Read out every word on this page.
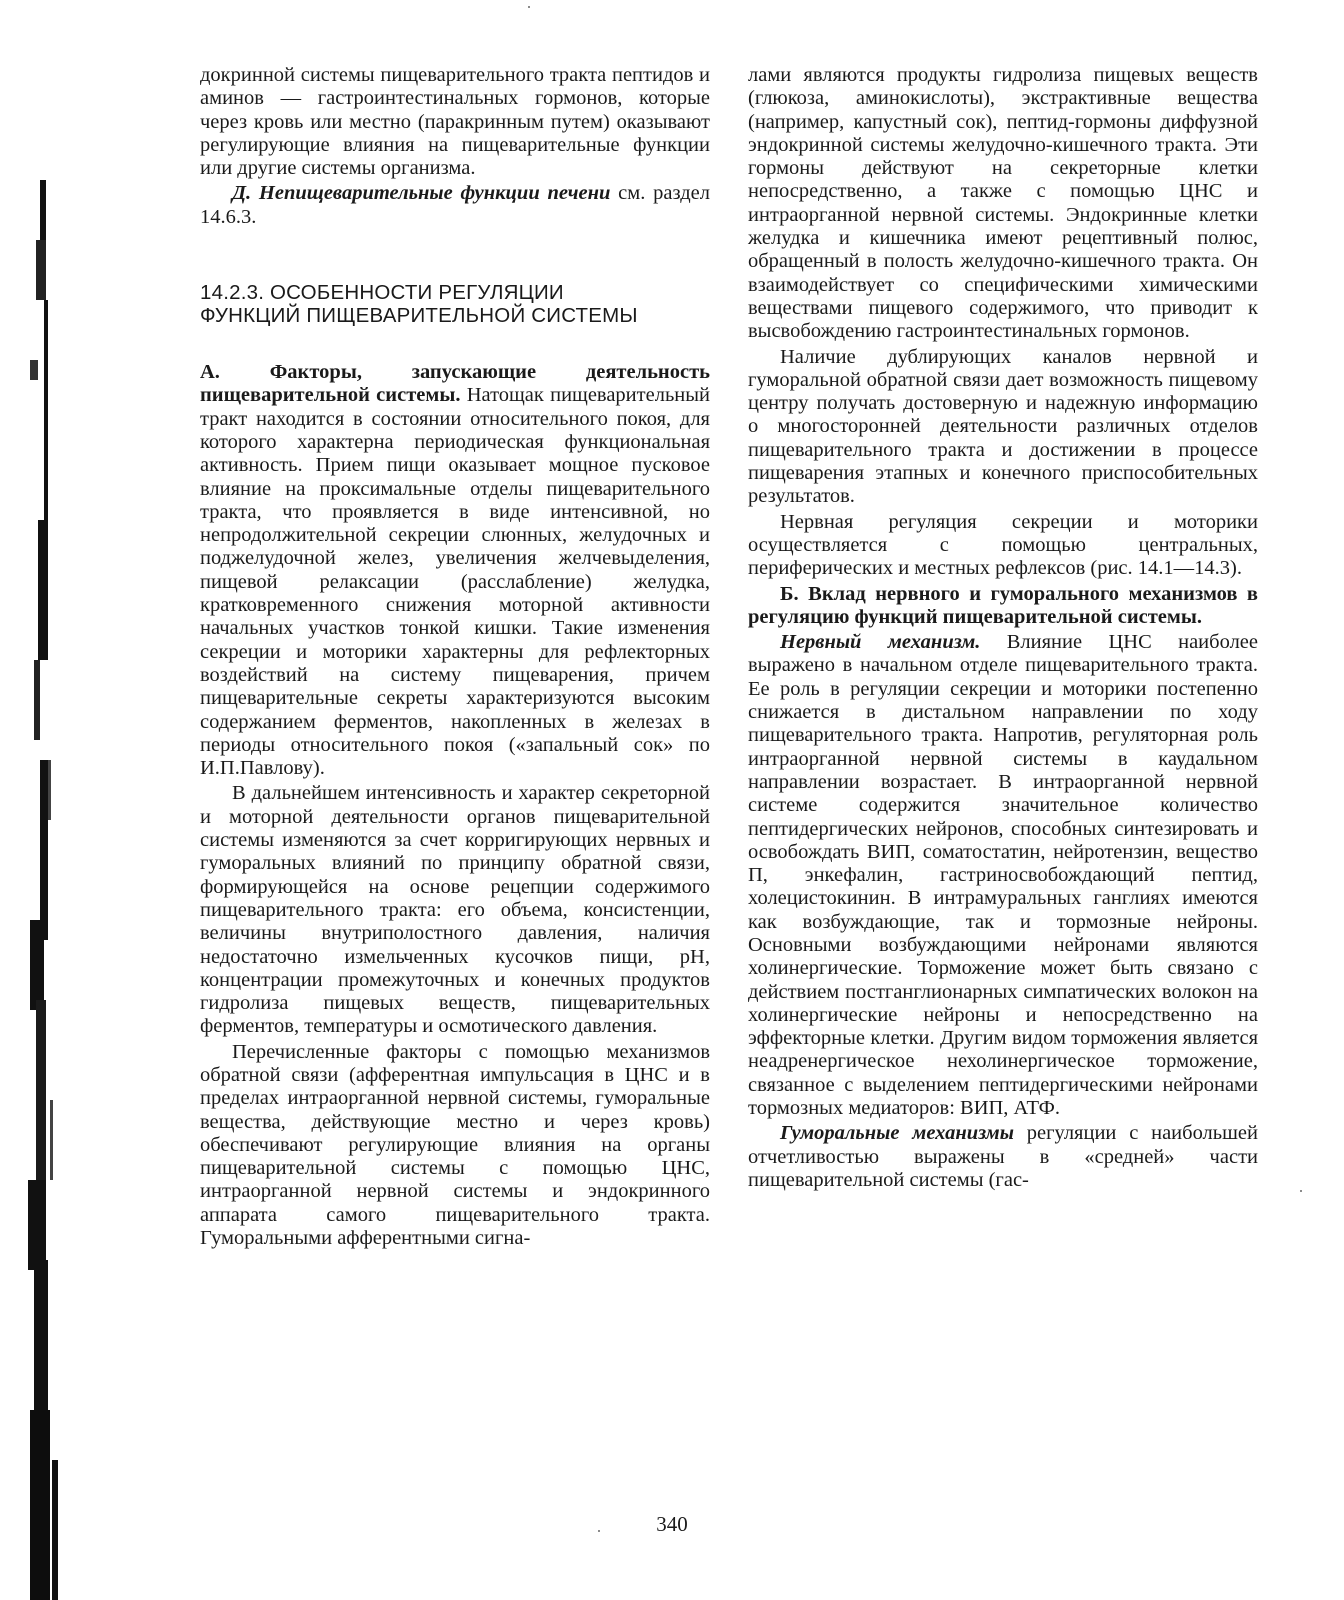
докринной системы пищеварительного тракта пептидов и аминов — гастроинтестинальных гормонов, которые через кровь или местно (паракринным путем) оказывают регулирующие влияния на пищеварительные функции или другие системы организма.

Д. Непищеварительные функции печени см. раздел 14.6.3.

14.2.3. ОСОБЕННОСТИ РЕГУЛЯЦИИ
ФУНКЦИЙ ПИЩЕВАРИТЕЛЬНОЙ СИСТЕМЫ

А. Факторы, запускающие деятельность пищеварительной системы. Натощак пищеварительный тракт находится в состоянии относительного покоя, для которого характерна периодическая функциональная активность. Прием пищи оказывает мощное пусковое влияние на проксимальные отделы пищеварительного тракта, что проявляется в виде интенсивной, но непродолжительной секреции слюнных, желудочных и поджелудочной желез, увеличения желчевыделения, пищевой релаксации (расслабление) желудка, кратковременного снижения моторной активности начальных участков тонкой кишки. Такие изменения секреции и моторики характерны для рефлекторных воздействий на систему пищеварения, причем пищеварительные секреты характеризуются высоким содержанием ферментов, накопленных в железах в периоды относительного покоя («запальный сок» по И.П.Павлову).

В дальнейшем интенсивность и характер секреторной и моторной деятельности органов пищеварительной системы изменяются за счет корригирующих нервных и гуморальных влияний по принципу обратной связи, формирующейся на основе рецепции содержимого пищеварительного тракта: его объема, консистенции, величины внутриполостного давления, наличия недостаточно измельченных кусочков пищи, pH, концентрации промежуточных и конечных продуктов гидролиза пищевых веществ, пищеварительных ферментов, температуры и осмотического давления.

Перечисленные факторы с помощью механизмов обратной связи (афферентная импульсация в ЦНС и в пределах интраорганной нервной системы, гуморальные вещества, действующие местно и через кровь) обеспечивают регулирующие влияния на органы пищеварительной системы с помощью ЦНС, интраорганной нервной системы и эндокринного аппарата самого пищеварительного тракта. Гуморальными афферентными сигна-

лами являются продукты гидролиза пищевых веществ (глюкоза, аминокислоты), экстрактивные вещества (например, капустный сок), пептид-гормоны диффузной эндокринной системы желудочно-кишечного тракта. Эти гормоны действуют на секреторные клетки непосредственно, а также с помощью ЦНС и интраорганной нервной системы. Эндокринные клетки желудка и кишечника имеют рецептивный полюс, обращенный в полость желудочно-кишечного тракта. Он взаимодействует со специфическими химическими веществами пищевого содержимого, что приводит к высвобождению гастроинтестинальных гормонов.

Наличие дублирующих каналов нервной и гуморальной обратной связи дает возможность пищевому центру получать достоверную и надежную информацию о многосторонней деятельности различных отделов пищеварительного тракта и достижении в процессе пищеварения этапных и конечного приспособительных результатов.

Нервная регуляция секреции и моторики осуществляется с помощью центральных, периферических и местных рефлексов (рис. 14.1—14.3).

Б. Вклад нервного и гуморального механизмов в регуляцию функций пищеварительной системы.

Нервный механизм. Влияние ЦНС наиболее выражено в начальном отделе пищеварительного тракта. Ее роль в регуляции секреции и моторики постепенно снижается в дистальном направлении по ходу пищеварительного тракта. Напротив, регуляторная роль интраорганной нервной системы в каудальном направлении возрастает. В интраорганной нервной системе содержится значительное количество пептидергических нейронов, способных синтезировать и освобождать ВИП, соматостатин, нейротензин, вещество П, энкефалин, гастриносвобождающий пептид, холецистокинин. В интрамуральных ганглиях имеются как возбуждающие, так и тормозные нейроны. Основными возбуждающими нейронами являются холинергические. Торможение может быть связано с действием постганглионарных симпатических волокон на холинергические нейроны и непосредственно на эффекторные клетки. Другим видом торможения является неадренергическое нехолинергическое торможение, связанное с выделением пептидергическими нейронами тормозных медиаторов: ВИП, АТФ.

Гуморальные механизмы регуляции с наибольшей отчетливостью выражены в «средней» части пищеварительной системы (гас-

340
